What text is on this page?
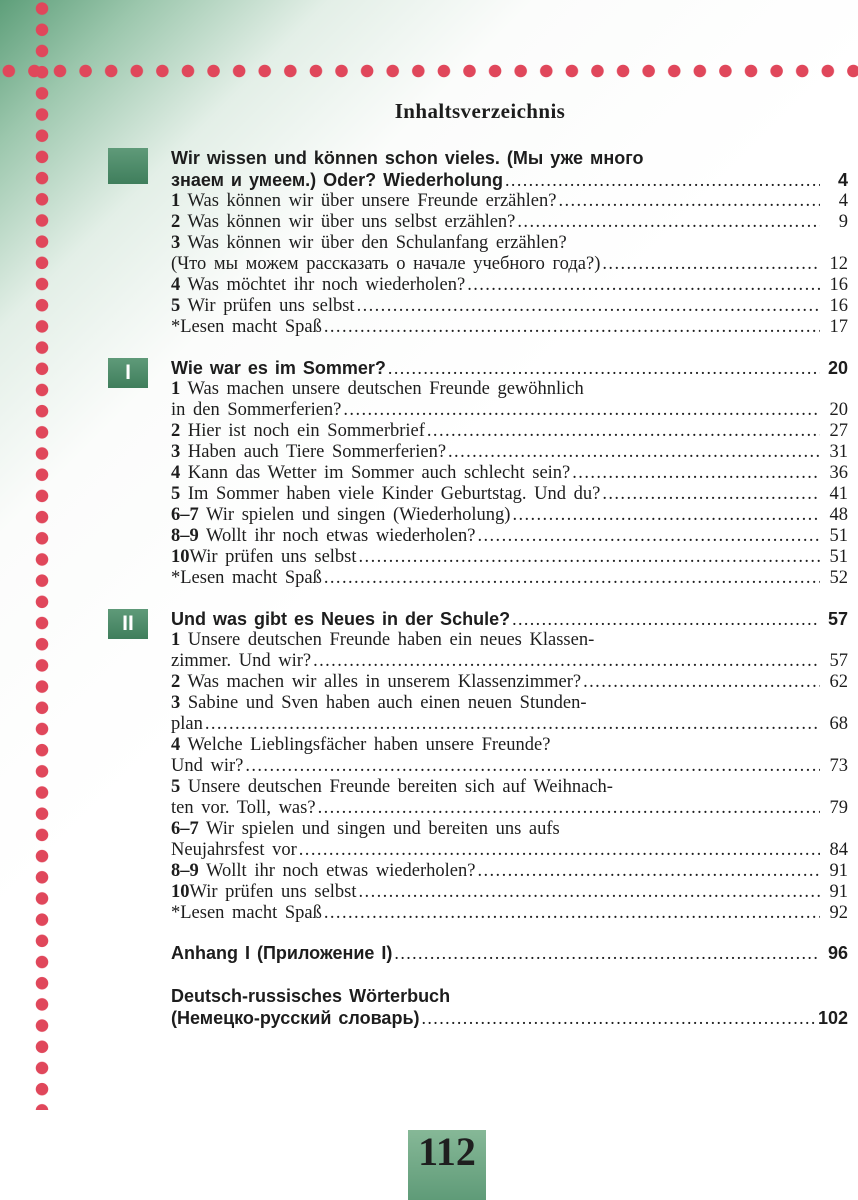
Inhaltsverzeichnis
Wir wissen und können schon vieles. (Мы уже много
знаем и умеем.) Oder? Wiederholung .....	4
1 Was können wir über unsere Freunde erzählen? .....	4
2 Was können wir über uns selbst erzählen? .....	9
3 Was können wir über den Schulanfang erzählen?
(Что мы можем рассказать о начале учебного года?) .....	12
4 Was möchtet ihr noch wiederholen? .....	16
5 Wir prüfen uns selbst .....	16
*Lesen macht Spaß .....	17
I	Wie war es im Sommer? .....	20
1 Was machen unsere deutschen Freunde gewöhnlich
in den Sommerferien? .....	20
2 Hier ist noch ein Sommerbrief .....	27
3 Haben auch Tiere Sommerferien? .....	31
4 Kann das Wetter im Sommer auch schlecht sein? .....	36
5 Im Sommer haben viele Kinder Geburtstag. Und du? .....	41
6–7 Wir spielen und singen (Wiederholung) .....	48
8–9 Wollt ihr noch etwas wiederholen? .....	51
10Wir prüfen uns selbst .....	51
*Lesen macht Spaß .....	52
II	Und was gibt es Neues in der Schule? .....	57
1 Unsere deutschen Freunde haben ein neues Klassen-
zimmer. Und wir? .....	57
2 Was machen wir alles in unserem Klassenzimmer? .....	62
3 Sabine und Sven haben auch einen neuen Stunden-
plan .....	68
4 Welche Lieblingsfächer haben unsere Freunde?
Und wir? .....	73
5 Unsere deutschen Freunde bereiten sich auf Weihnach-
ten vor. Toll, was? .....	79
6–7 Wir spielen und singen und bereiten uns aufs
Neujahrsfest vor .....	84
8–9 Wollt ihr noch etwas wiederholen? .....	91
10Wir prüfen uns selbst .....	91
*Lesen macht Spaß .....	92
Anhang I (Приложение I) .....	96
Deutsch-russisches Wörterbuch
(Немецко-русский словарь) .....	102
112
